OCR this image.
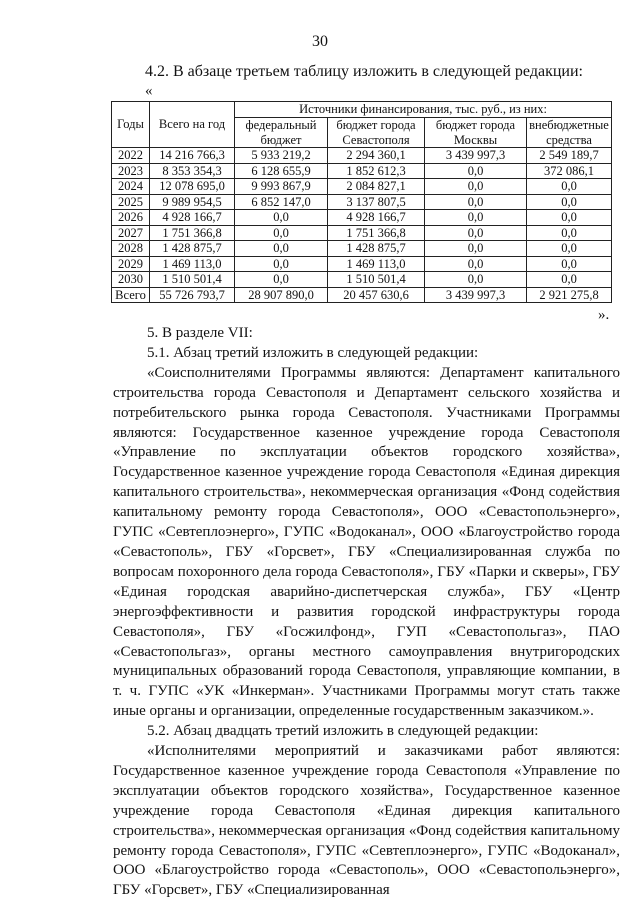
30
4.2. В абзаце третьем таблицу изложить в следующей редакции:
«
Годы	Всего на год	Источники финансирования, тыс. руб., из них:			
		федеральный бюджет	бюджет города Севастополя	бюджет города Москвы	внебюджетные средства
2022	14 216 766,3	5 933 219,2	2 294 360,1	3 439 997,3	2 549 189,7
2023	8 353 354,3	6 128 655,9	1 852 612,3	0,0	372 086,1
2024	12 078 695,0	9 993 867,9	2 084 827,1	0,0	0,0
2025	9 989 954,5	6 852 147,0	3 137 807,5	0,0	0,0
2026	4 928 166,7	0,0	4 928 166,7	0,0	0,0
2027	1 751 366,8	0,0	1 751 366,8	0,0	0,0
2028	1 428 875,7	0,0	1 428 875,7	0,0	0,0
2029	1 469 113,0	0,0	1 469 113,0	0,0	0,0
2030	1 510 501,4	0,0	1 510 501,4	0,0	0,0
Всего	55 726 793,7	28 907 890,0	20 457 630,6	3 439 997,3	2 921 275,8
».

5. В разделе VII:

5.1. Абзац третий изложить в следующей редакции:

«Соисполнителями Программы являются: Департамент капитального строительства города Севастополя и Департамент сельского хозяйства и потребительского рынка города Севастополя. Участниками Программы являются: Государственное казенное учреждение города Севастополя «Управление по эксплуатации объектов городского хозяйства», Государственное казенное учреждение города Севастополя «Единая дирекция капитального строительства», некоммерческая организация «Фонд содействия капитальному ремонту города Севастополя», ООО «Севастопольэнерго», ГУПС «Севтеплоэнерго», ГУПС «Водоканал», ООО «Благоустройство города «Севастополь», ГБУ «Горсвет», ГБУ «Специализированная служба по вопросам похоронного дела города Севастополя», ГБУ «Парки и скверы», ГБУ «Единая городская аварийно-диспетчерская служба», ГБУ «Центр энергоэффективности и развития городской инфраструктуры города Севастополя», ГБУ «Госжилфонд», ГУП «Севастопольгаз», ПАО «Севастопольгаз», органы местного самоуправления внутригородских муниципальных образований города Севастополя, управляющие компании, в т. ч. ГУПС «УК «Инкерман». Участниками Программы могут стать также иные органы и организации, определенные государственным заказчиком.».

5.2. Абзац двадцать третий изложить в следующей редакции:

«Исполнителями мероприятий и заказчиками работ являются: Государственное казенное учреждение города Севастополя «Управление по эксплуатации объектов городского хозяйства», Государственное казенное учреждение города Севастополя «Единая дирекция капитального строительства», некоммерческая организация «Фонд содействия капитальному ремонту города Севастополя», ГУПС «Севтеплоэнерго», ГУПС «Водоканал», ООО «Благоустройство города «Севастополь», ООО «Севастопольэнерго», ГБУ «Горсвет», ГБУ «Специализированная
